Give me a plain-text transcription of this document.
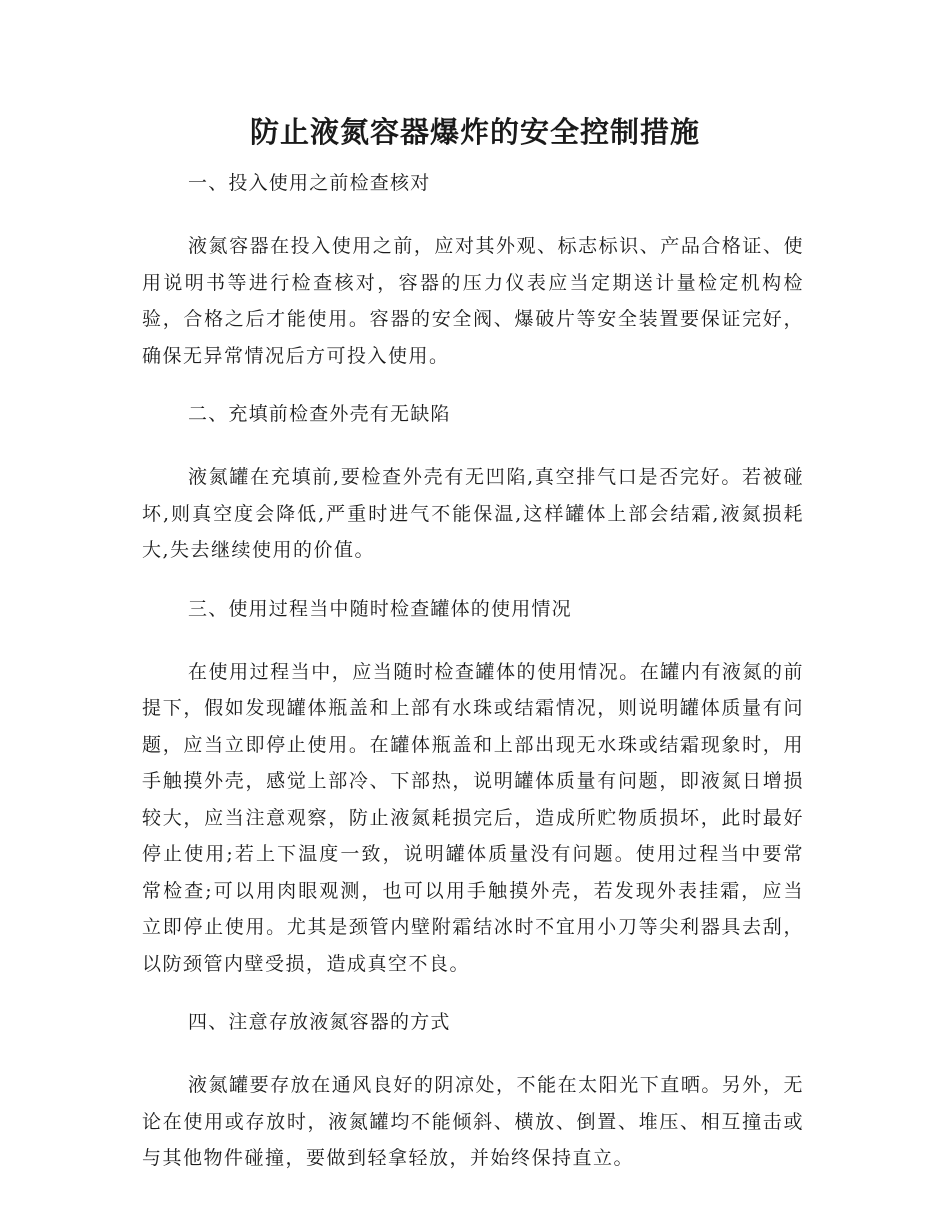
防止液氮容器爆炸的安全控制措施

一、投入使用之前检查核对

液氮容器在投入使用之前，应对其外观、标志标识、产品合格证、使用说明书等进行检查核对，容器的压力仪表应当定期送计量检定机构检验，合格之后才能使用。容器的安全阀、爆破片等安全装置要保证完好，确保无异常情况后方可投入使用。

二、充填前检查外壳有无缺陷

液氮罐在充填前,要检查外壳有无凹陷,真空排气口是否完好。若被碰坏,则真空度会降低,严重时进气不能保温,这样罐体上部会结霜,液氮损耗大,失去继续使用的价值。

三、使用过程当中随时检查罐体的使用情况

在使用过程当中，应当随时检查罐体的使用情况。在罐内有液氮的前提下，假如发现罐体瓶盖和上部有水珠或结霜情况，则说明罐体质量有问题，应当立即停止使用。在罐体瓶盖和上部出现无水珠或结霜现象时，用手触摸外壳，感觉上部冷、下部热，说明罐体质量有问题，即液氮日增损较大，应当注意观察，防止液氮耗损完后，造成所贮物质损坏，此时最好停止使用;若上下温度一致，说明罐体质量没有问题。使用过程当中要常常检查;可以用肉眼观测，也可以用手触摸外壳，若发现外表挂霜，应当立即停止使用。尤其是颈管内壁附霜结冰时不宜用小刀等尖利器具去刮，以防颈管内壁受损，造成真空不良。

四、注意存放液氮容器的方式

液氮罐要存放在通风良好的阴凉处，不能在太阳光下直晒。另外，无论在使用或存放时，液氮罐均不能倾斜、横放、倒置、堆压、相互撞击或与其他物件碰撞，要做到轻拿轻放，并始终保持直立。
